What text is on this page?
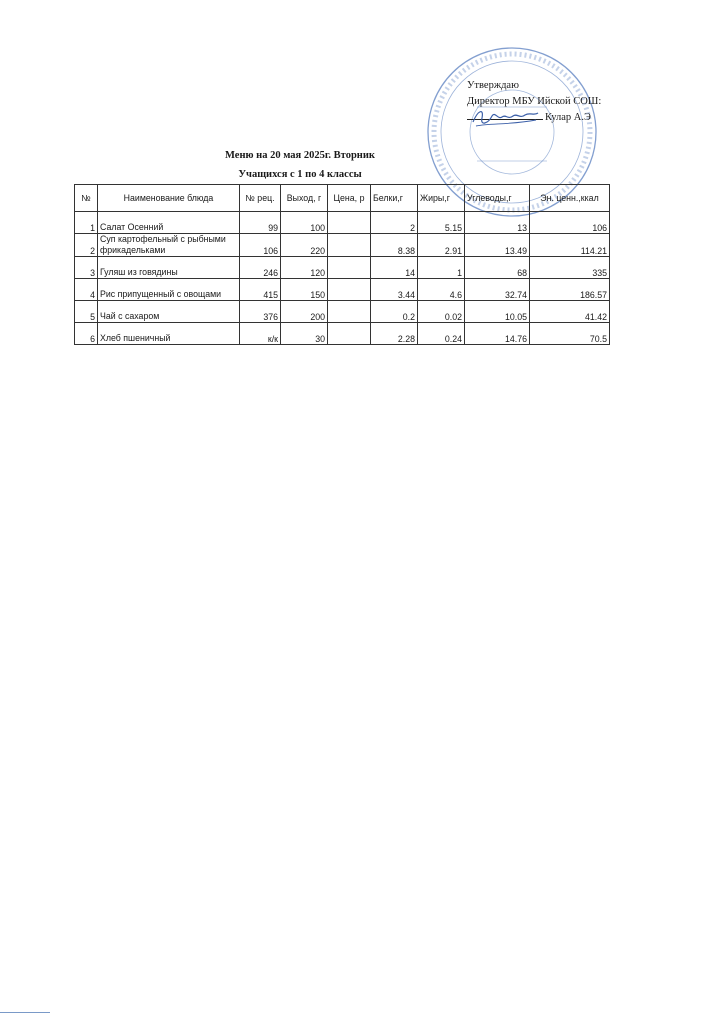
Утверждаю
Директор МБУ Ийской СОШ:
Кулар А.Э
Меню на 20 мая 2025г. Вторник
Учащихся с 1 по 4 классы
№	Наименование блюда	№ рец.	Выход, г	Цена, р	Белки,г	Жиры,г	Углеводы,г	Эн. ценн.,ккал
1	Салат Осенний	99	100		2	5.15	13	106
2	Суп картофельный с рыбными фрикадельками	106	220		8.38	2.91	13.49	114.21
3	Гуляш из говядины	246	120		14	1	68	335
4	Рис припущенный с овощами	415	150		3.44	4.6	32.74	186.57
5	Чай с сахаром	376	200		0.2	0.02	10.05	41.42
6	Хлеб пшеничный	к/к	30		2.28	0.24	14.76	70.5
